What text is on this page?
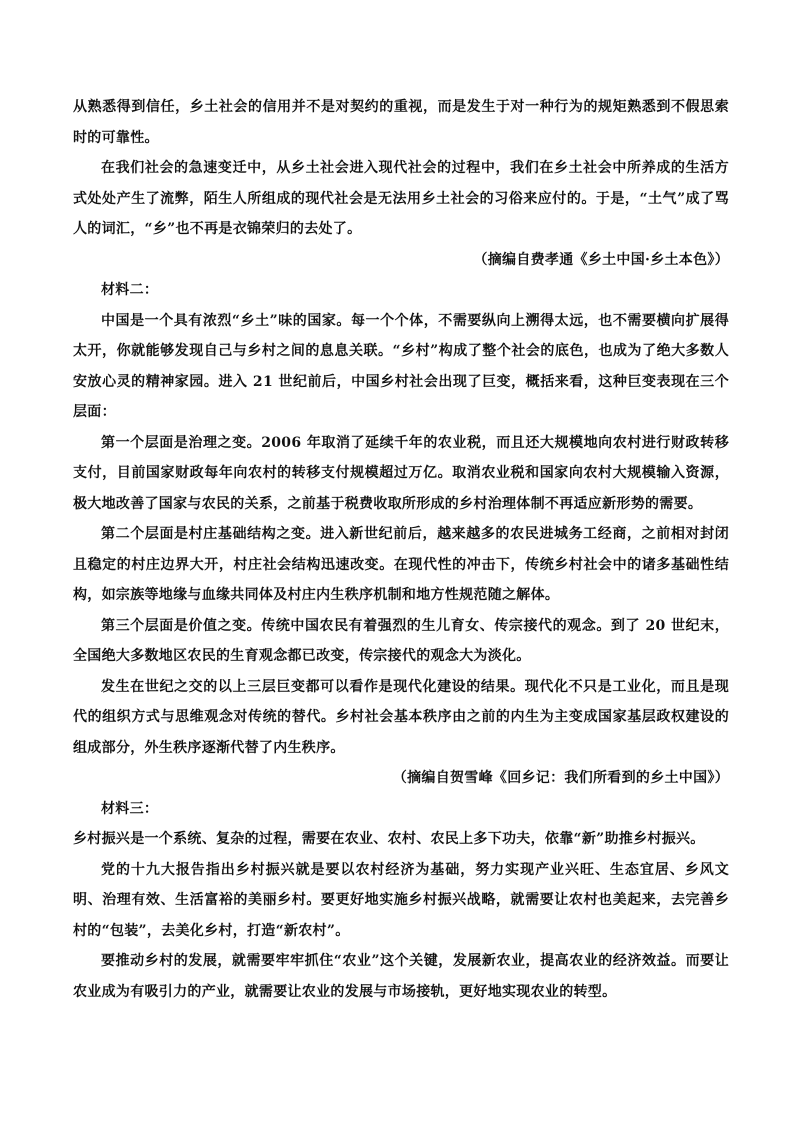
从熟悉得到信任，乡土社会的信用并不是对契约的重视，而是发生于对一种行为的规矩熟悉到不假思索时的可靠性。

在我们社会的急速变迁中，从乡土社会进入现代社会的过程中，我们在乡土社会中所养成的生活方式处处产生了流弊，陌生人所组成的现代社会是无法用乡土社会的习俗来应付的。于是，“土气”成了骂人的词汇，“乡”也不再是衣锦荣归的去处了。

（摘编自费孝通《乡土中国·乡土本色》）

材料二：

中国是一个具有浓烈“乡土”味的国家。每一个个体，不需要纵向上溯得太远，也不需要横向扩展得太开，你就能够发现自己与乡村之间的息息关联。“乡村”构成了整个社会的底色，也成为了绝大多数人安放心灵的精神家园。进入 21 世纪前后，中国乡村社会出现了巨变，概括来看，这种巨变表现在三个层面：

第一个层面是治理之变。2006 年取消了延续千年的农业税，而且还大规模地向农村进行财政转移支付，目前国家财政每年向农村的转移支付规模超过万亿。取消农业税和国家向农村大规模输入资源，极大地改善了国家与农民的关系，之前基于税费收取所形成的乡村治理体制不再适应新形势的需要。

第二个层面是村庄基础结构之变。进入新世纪前后，越来越多的农民进城务工经商，之前相对封闭且稳定的村庄边界大开，村庄社会结构迅速改变。在现代性的冲击下，传统乡村社会中的诸多基础性结构，如宗族等地缘与血缘共同体及村庄内生秩序机制和地方性规范随之解体。

第三个层面是价值之变。传统中国农民有着强烈的生儿育女、传宗接代的观念。到了 20 世纪末，全国绝大多数地区农民的生育观念都已改变，传宗接代的观念大为淡化。

发生在世纪之交的以上三层巨变都可以看作是现代化建设的结果。现代化不只是工业化，而且是现代的组织方式与思维观念对传统的替代。乡村社会基本秩序由之前的内生为主变成国家基层政权建设的组成部分，外生秩序逐渐代替了内生秩序。

（摘编自贺雪峰《回乡记：我们所看到的乡土中国》）

材料三：

乡村振兴是一个系统、复杂的过程，需要在农业、农村、农民上多下功夫，依靠“新”助推乡村振兴。

党的十九大报告指出乡村振兴就是要以农村经济为基础，努力实现产业兴旺、生态宜居、乡风文明、治理有效、生活富裕的美丽乡村。要更好地实施乡村振兴战略，就需要让农村也美起来，去完善乡村的“包装”，去美化乡村，打造“新农村”。

要推动乡村的发展，就需要牢牢抓住“农业”这个关键，发展新农业，提高农业的经济效益。而要让农业成为有吸引力的产业，就需要让农业的发展与市场接轨，更好地实现农业的转型。
